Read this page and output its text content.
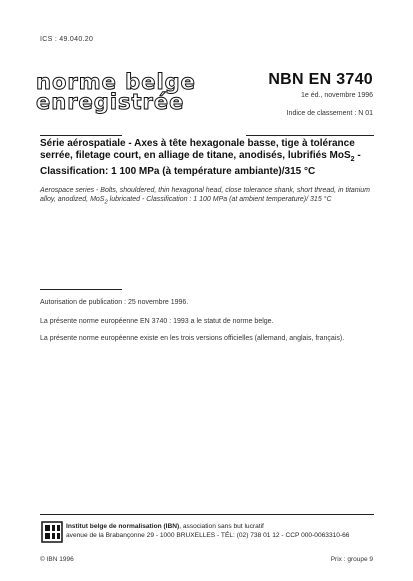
ICS : 49.040.20
norme belge
enregistrée
NBN EN 3740
1e éd., novembre 1996
Indice de classement : N 01
Série aérospatiale - Axes à tête hexagonale basse, tige à tolérance serrée, filetage court, en alliage de titane, anodisés, lubrifiés MoS$_2$ - Classification: 1 100 MPa (à température ambiante)/315 °C
Aerospace series - Bolts, shouldered, thin hexagonal head, close tolerance shank, short thread, in titanium alloy, anodized, MoS$_2$ lubricated - Classification : 1 100 MPa (at ambient temperature)/ 315 °C
Autorisation de publication : 25 novembre 1996.
La présente norme européenne EN 3740 : 1993 a le statut de norme belge.
La présente norme européenne existe en les trois versions officielles (allemand, anglais, français).
Institut belge de normalisation (IBN), association sans but lucratif
avenue de la Brabançonne 29 - 1000 BRUXELLES - TÉL: (02) 738 01 12 - CCP 000-0063310-66
© IBN 1996	Prix : groupe 9
